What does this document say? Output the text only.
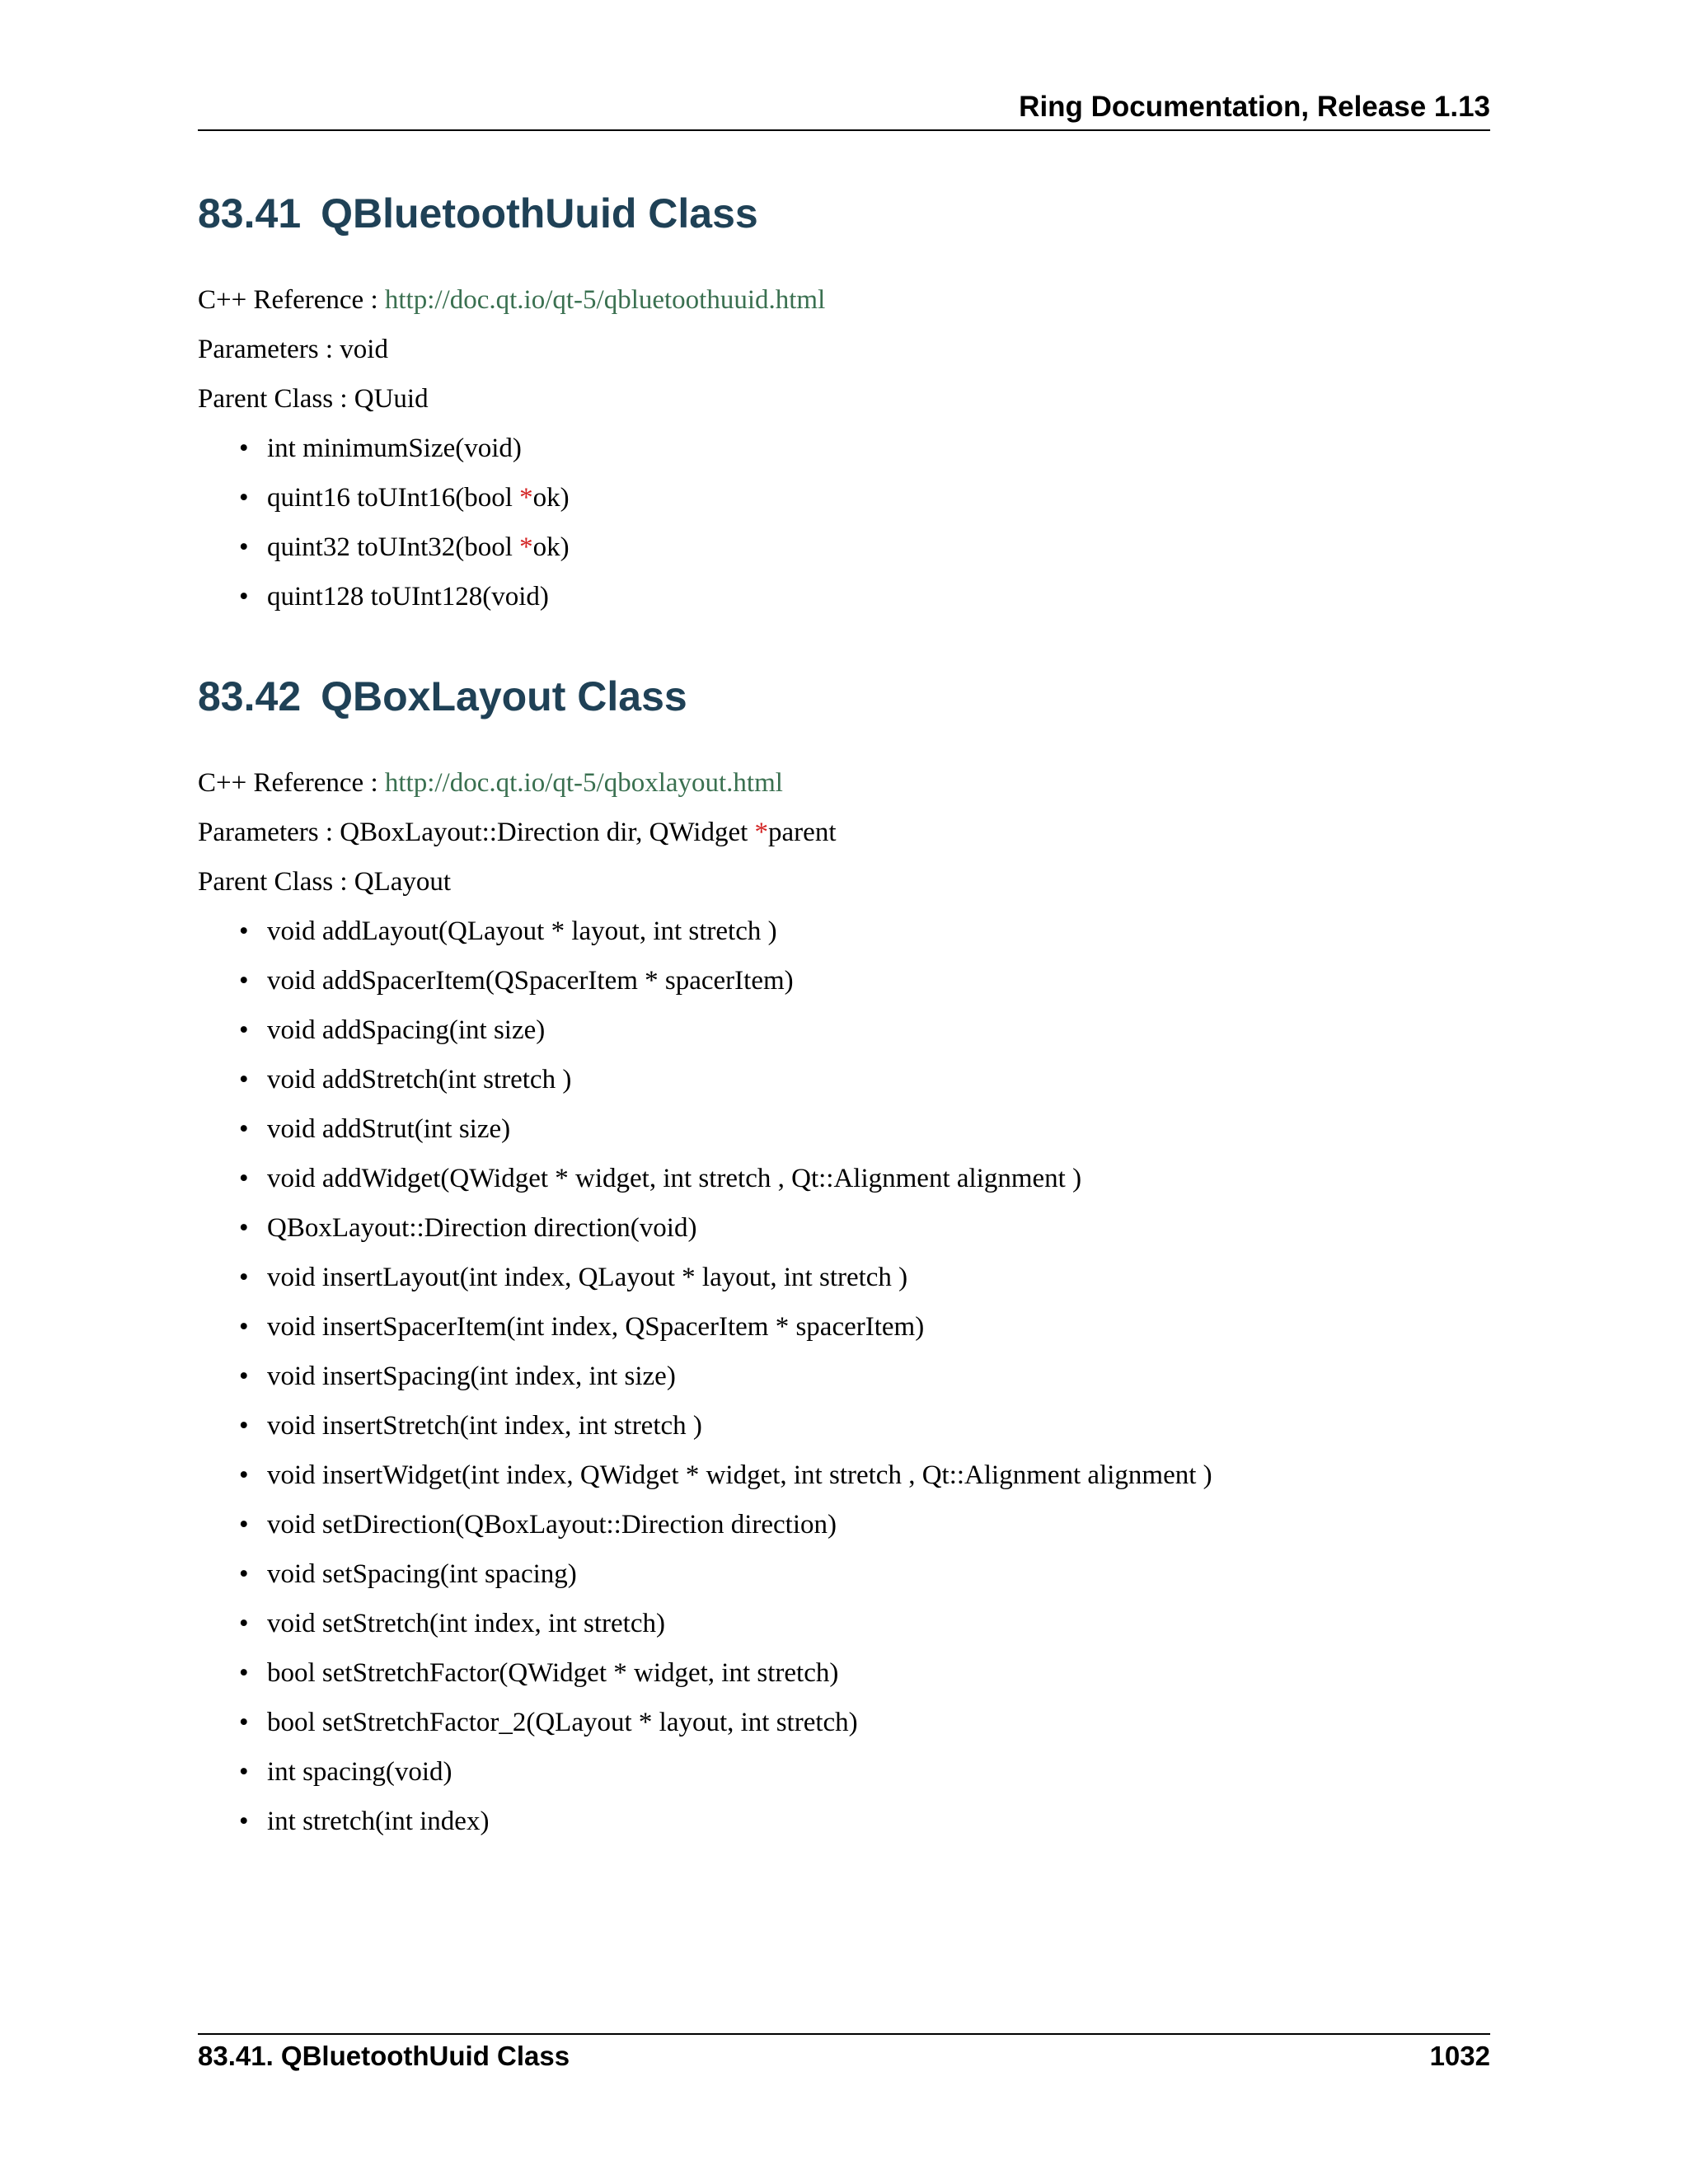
Ring Documentation, Release 1.13
83.41 QBluetoothUuid Class
C++ Reference : http://doc.qt.io/qt-5/qbluetoothuuid.html
Parameters : void
Parent Class : QUuid
• int minimumSize(void)
• quint16 toUInt16(bool *ok)
• quint32 toUInt32(bool *ok)
• quint128 toUInt128(void)
83.42 QBoxLayout Class
C++ Reference : http://doc.qt.io/qt-5/qboxlayout.html
Parameters : QBoxLayout::Direction dir, QWidget *parent
Parent Class : QLayout
• void addLayout(QLayout * layout, int stretch )
• void addSpacerItem(QSpacerItem * spacerItem)
• void addSpacing(int size)
• void addStretch(int stretch )
• void addStrut(int size)
• void addWidget(QWidget * widget, int stretch , Qt::Alignment alignment )
• QBoxLayout::Direction direction(void)
• void insertLayout(int index, QLayout * layout, int stretch )
• void insertSpacerItem(int index, QSpacerItem * spacerItem)
• void insertSpacing(int index, int size)
• void insertStretch(int index, int stretch )
• void insertWidget(int index, QWidget * widget, int stretch , Qt::Alignment alignment )
• void setDirection(QBoxLayout::Direction direction)
• void setSpacing(int spacing)
• void setStretch(int index, int stretch)
• bool setStretchFactor(QWidget * widget, int stretch)
• bool setStretchFactor_2(QLayout * layout, int stretch)
• int spacing(void)
• int stretch(int index)
83.41. QBluetoothUuid Class	1032
